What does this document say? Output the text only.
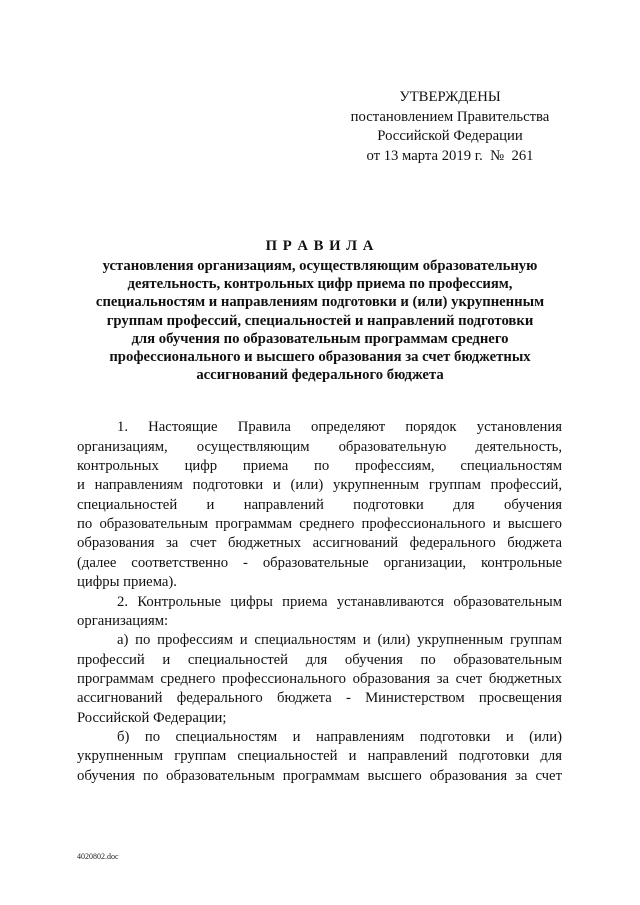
УТВЕРЖДЕНЫ
постановлением Правительства
Российской Федерации
от 13 марта 2019 г.  №  261
П Р А В И Л А
установления организациям, осуществляющим образовательную
деятельность, контрольных цифр приема по профессиям,
специальностям и направлениям подготовки и (или) укрупненным
группам профессий, специальностей и направлений подготовки
для обучения по образовательным программам среднего
профессионального и высшего образования за счет бюджетных
ассигнований федерального бюджета
1. Настоящие Правила определяют порядок установления
организациям, осуществляющим образовательную деятельность,
контрольных цифр приема по профессиям, специальностям
и направлениям подготовки и (или) укрупненным группам профессий,
специальностей и направлений подготовки для обучения
по образовательным программам среднего профессионального и высшего
образования за счет бюджетных ассигнований федерального бюджета
(далее соответственно - образовательные организации, контрольные
цифры приема).
2. Контрольные цифры приема устанавливаются образовательным
организациям:
а) по профессиям и специальностям и (или) укрупненным группам
профессий и специальностей для обучения по образовательным
программам среднего профессионального образования за счет бюджетных
ассигнований федерального бюджета - Министерством просвещения
Российской Федерации;
б) по специальностям и направлениям подготовки и (или)
укрупненным группам специальностей и направлений подготовки для
обучения по образовательным программам высшего образования за счет
4020802.doc
